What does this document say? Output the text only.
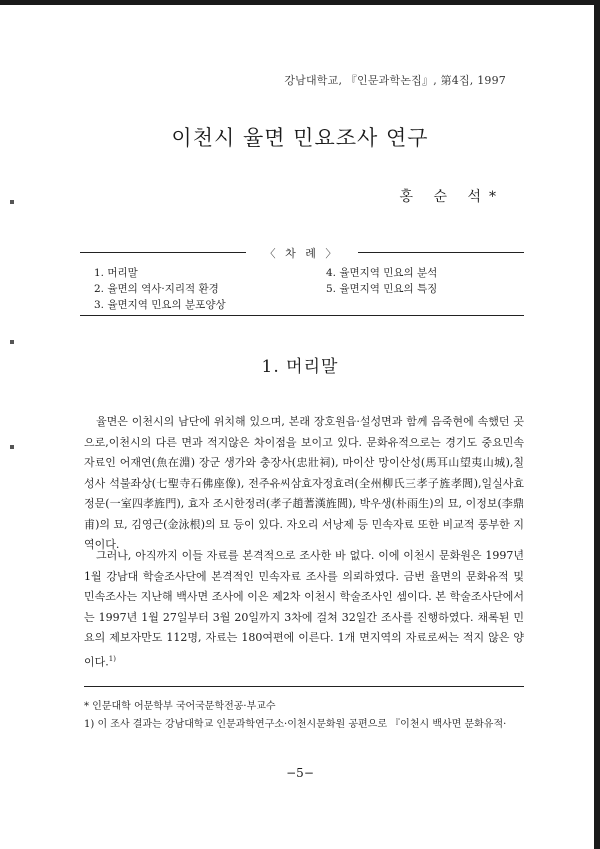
강남대학교, 『인문과학논집』, 第4집, 1997
이천시 율면 민요조사 연구
홍 순 석*
〈 차 례 〉
1. 머리말
2. 율면의 역사·지리적 환경
3. 율면지역 민요의 분포양상
4. 율면지역 민요의 분석
5. 율면지역 민요의 특징
1. 머리말

율면은 이천시의 남단에 위치해 있으며, 본래 장호원읍·설성면과 함께 음죽현에 속했던 곳으로,이천시의 다른 면과 적지않은 차이점을 보이고 있다. 문화유적으로는 경기도 중요민속자료인 어재연(魚在淵) 장군 생가와 충장사(忠壯祠), 마이산 망이산성(馬耳山望夷山城),칠성사 석불좌상(七聖寺石佛座像), 전주유씨삼효자정효려(全州柳氏三孝子旌孝閭),일실사효정문(一室四孝旌門), 효자 조시한정려(孝子趙蓍漢旌閭), 박우생(朴雨生)의 묘, 이정보(李鼎甫)의 묘, 김영근(金泳根)의 묘 등이 있다. 자오리 서낭제 등 민속자료 또한 비교적 풍부한 지역이다.

그러나, 아직까지 이들 자료를 본격적으로 조사한 바 없다. 이에 이천시 문화원은 1997년 1월 강남대 학술조사단에 본격적인 민속자료 조사를 의뢰하였다. 금번 율면의 문화유적 및 민속조사는 지난해 백사면 조사에 이은 제2차 이천시 학술조사인 셈이다. 본 학술조사단에서는 1997년 1월 27일부터 3월 20일까지 3차에 걸쳐 32일간 조사를 진행하였다. 채록된 민요의 제보자만도 112명, 자료는 180여편에 이른다. 1개 면지역의 자료로써는 적지 않은 양이다.$^{1)}$

* 인문대학 어문학부 국어국문학전공·부교수
1) 이 조사 결과는 강남대학교 인문과학연구소·이천시문화원 공편으로 『이천시 백사면 문화유적·
−5−
